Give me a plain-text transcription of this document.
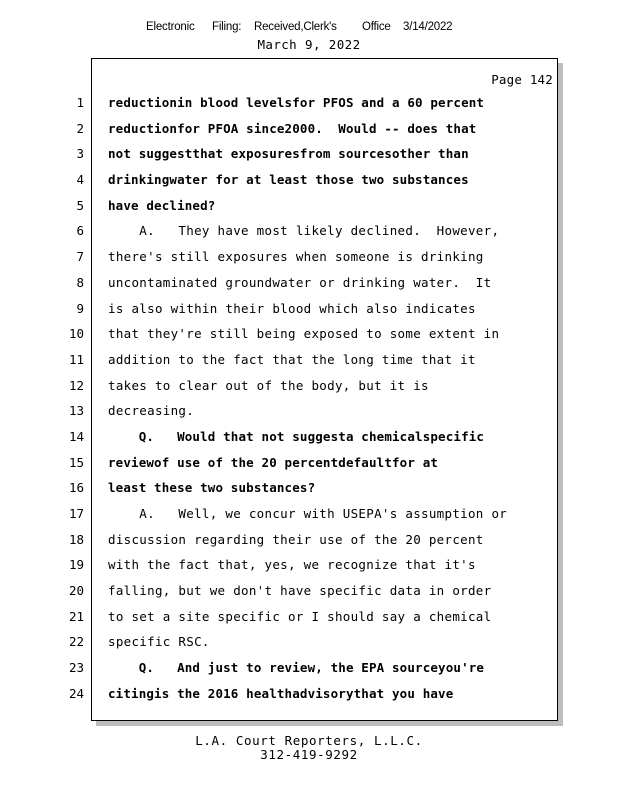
Electronic Filing: Received,Clerk's Office 3/14/2022
March 9, 2022
Page 142
1 reductionin blood levelsfor PFOS and a 60 percent
2 reductionfor PFOA since2000.  Would -- does that
3 not suggestthat exposuresfrom sourcesother than
4 drinkingwater for at least those two substances
5 have declined?
6 A.   They have most likely declined.  However,
7 there's still exposures when someone is drinking
8 uncontaminated groundwater or drinking water.  It
9 is also within their blood which also indicates
10 that they're still being exposed to some extent in
11 addition to the fact that the long time that it
12 takes to clear out of the body, but it is
13 decreasing.
14 Q.   Would that not suggesta chemicalspecific
15 reviewof use of the 20 percentdefaultfor at
16 least these two substances?
17 A.   Well, we concur with USEPA's assumption or
18 discussion regarding their use of the 20 percent
19 with the fact that, yes, we recognize that it's
20 falling, but we don't have specific data in order
21 to set a site specific or I should say a chemical
22 specific RSC.
23 Q.   And just to review, the EPA sourceyou're
24 citingis the 2016 healthadvisorythat you have
L.A. Court Reporters, L.L.C.
312-419-9292
